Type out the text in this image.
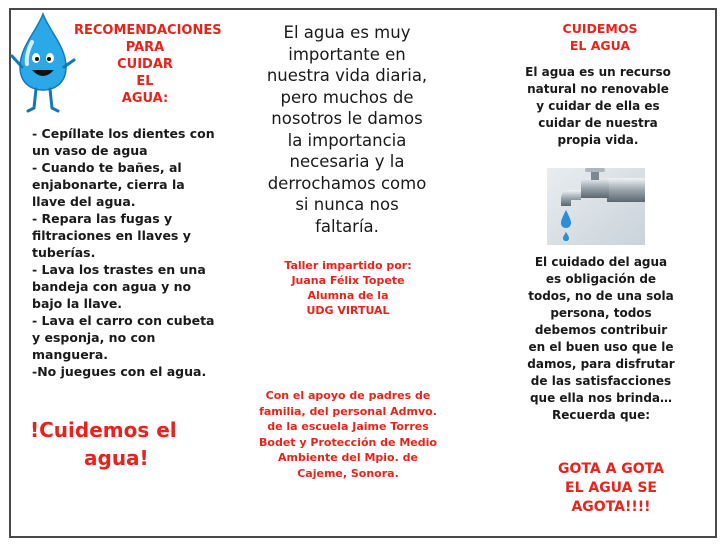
RECOMENDACIONES
PARA
CUIDAR
EL
AGUA:
- Cepíllate los dientes con un vaso de agua
- Cuando te bañes, al enjabonarte, cierra la llave del agua.
- Repara las fugas y filtraciones en llaves y tuberías.
- Lava los trastes en una bandeja con agua y no bajo la llave.
- Lava el carro con cubeta y esponja, no con manguera.
-No juegues con el agua.
!Cuidemos el
agua!
El agua es muy importante en nuestra vida diaria, pero muchos de nosotros le damos la importancia necesaria y la derrochamos como si nunca nos faltaría.
Taller impartido por:
Juana Félix Topete
Alumna de la
UDG VIRTUAL
Con el apoyo de padres de familia, del personal Admvo. de la escuela Jaime Torres Bodet y Protección de Medio Ambiente del Mpio. de Cajeme, Sonora.
CUIDEMOS
EL AGUA
El agua es un recurso natural no renovable y cuidar de ella es cuidar de nuestra propia vida.
El cuidado del agua es obligación de todos, no de una sola persona, todos debemos contribuir en el buen uso que le damos, para disfrutar de las satisfacciones que ella nos brinda… Recuerda que:
GOTA A GOTA
EL AGUA SE
AGOTA!!!!
